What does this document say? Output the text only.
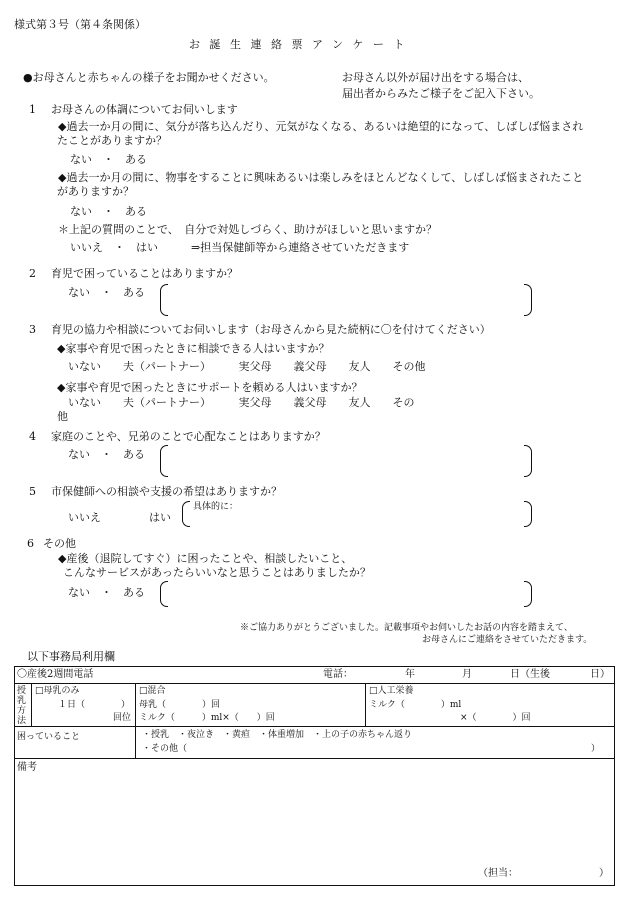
様式第３号（第４条関係）
お誕生連絡票アンケート
●お母さんと赤ちゃんの様子をお聞かせください。	お母さん以外が届け出をする場合は、
届出者からみたご様子をご記入下さい。
1 お母さんの体調についてお伺いします
◆過去一か月の間に、気分が落ち込んだり、元気がなくなる、あるいは絶望的になって、しばしば悩まされ
たことがありますか？
ない　・　ある
◆過去一か月の間に、物事をすることに興味あるいは楽しみをほとんどなくして、しばしば悩まされたこと
がありますか？
ない　・　ある
＊上記の質問のことで、　自分で対処しづらく、助けがほしいと思いますか？
いいえ　・　はい　　　⇒担当保健師等から連絡させていただきます
2 育児で困っていることはありますか？
ない　・　ある
3 育児の協力や相談についてお伺いします（お母さんから見た続柄に〇を付けてください）
◆家事や育児で困ったときに相談できる人はいますか？
いない　　夫（パートナー）　　　実父母　　義父母　　友人　　その他
◆家事や育児で困ったときにサポートを頼める人はいますか？
いない　　夫（パートナー）　　　実父母　　義父母　　友人　　その
他
4 家庭のことや、兄弟のことで心配なことはありますか？
ない　・　ある
5 市保健師への相談や支援の希望はありますか？
いいえ	はい
具体的に：
6 その他
◆産後（退院してすぐ）に困ったことや、相談したいこと、
こんなサービスがあったらいいなと思うことはありましたか？
ない　・　ある
※ご協力ありがとうございました。記載事項やお伺いしたお話の内容を踏まえて、
お母さんにご連絡をさせていただきます。
以下事務局利用欄
〇産後2週間電話	電話：	年	月	日（生後	日）
授乳方法
□母乳のみ
１日（　　　　）
回位
□混合
母乳（　　　　）回
ミルク（　　　）ml×（　　）回
□人工栄養
ミルク（　　　　）ml
×（　　　　）回
困っていること	・授乳　・夜泣き　・黄疸　・体重増加　・上の子の赤ちゃん返り
・その他（	）
備考
（担当：	）
